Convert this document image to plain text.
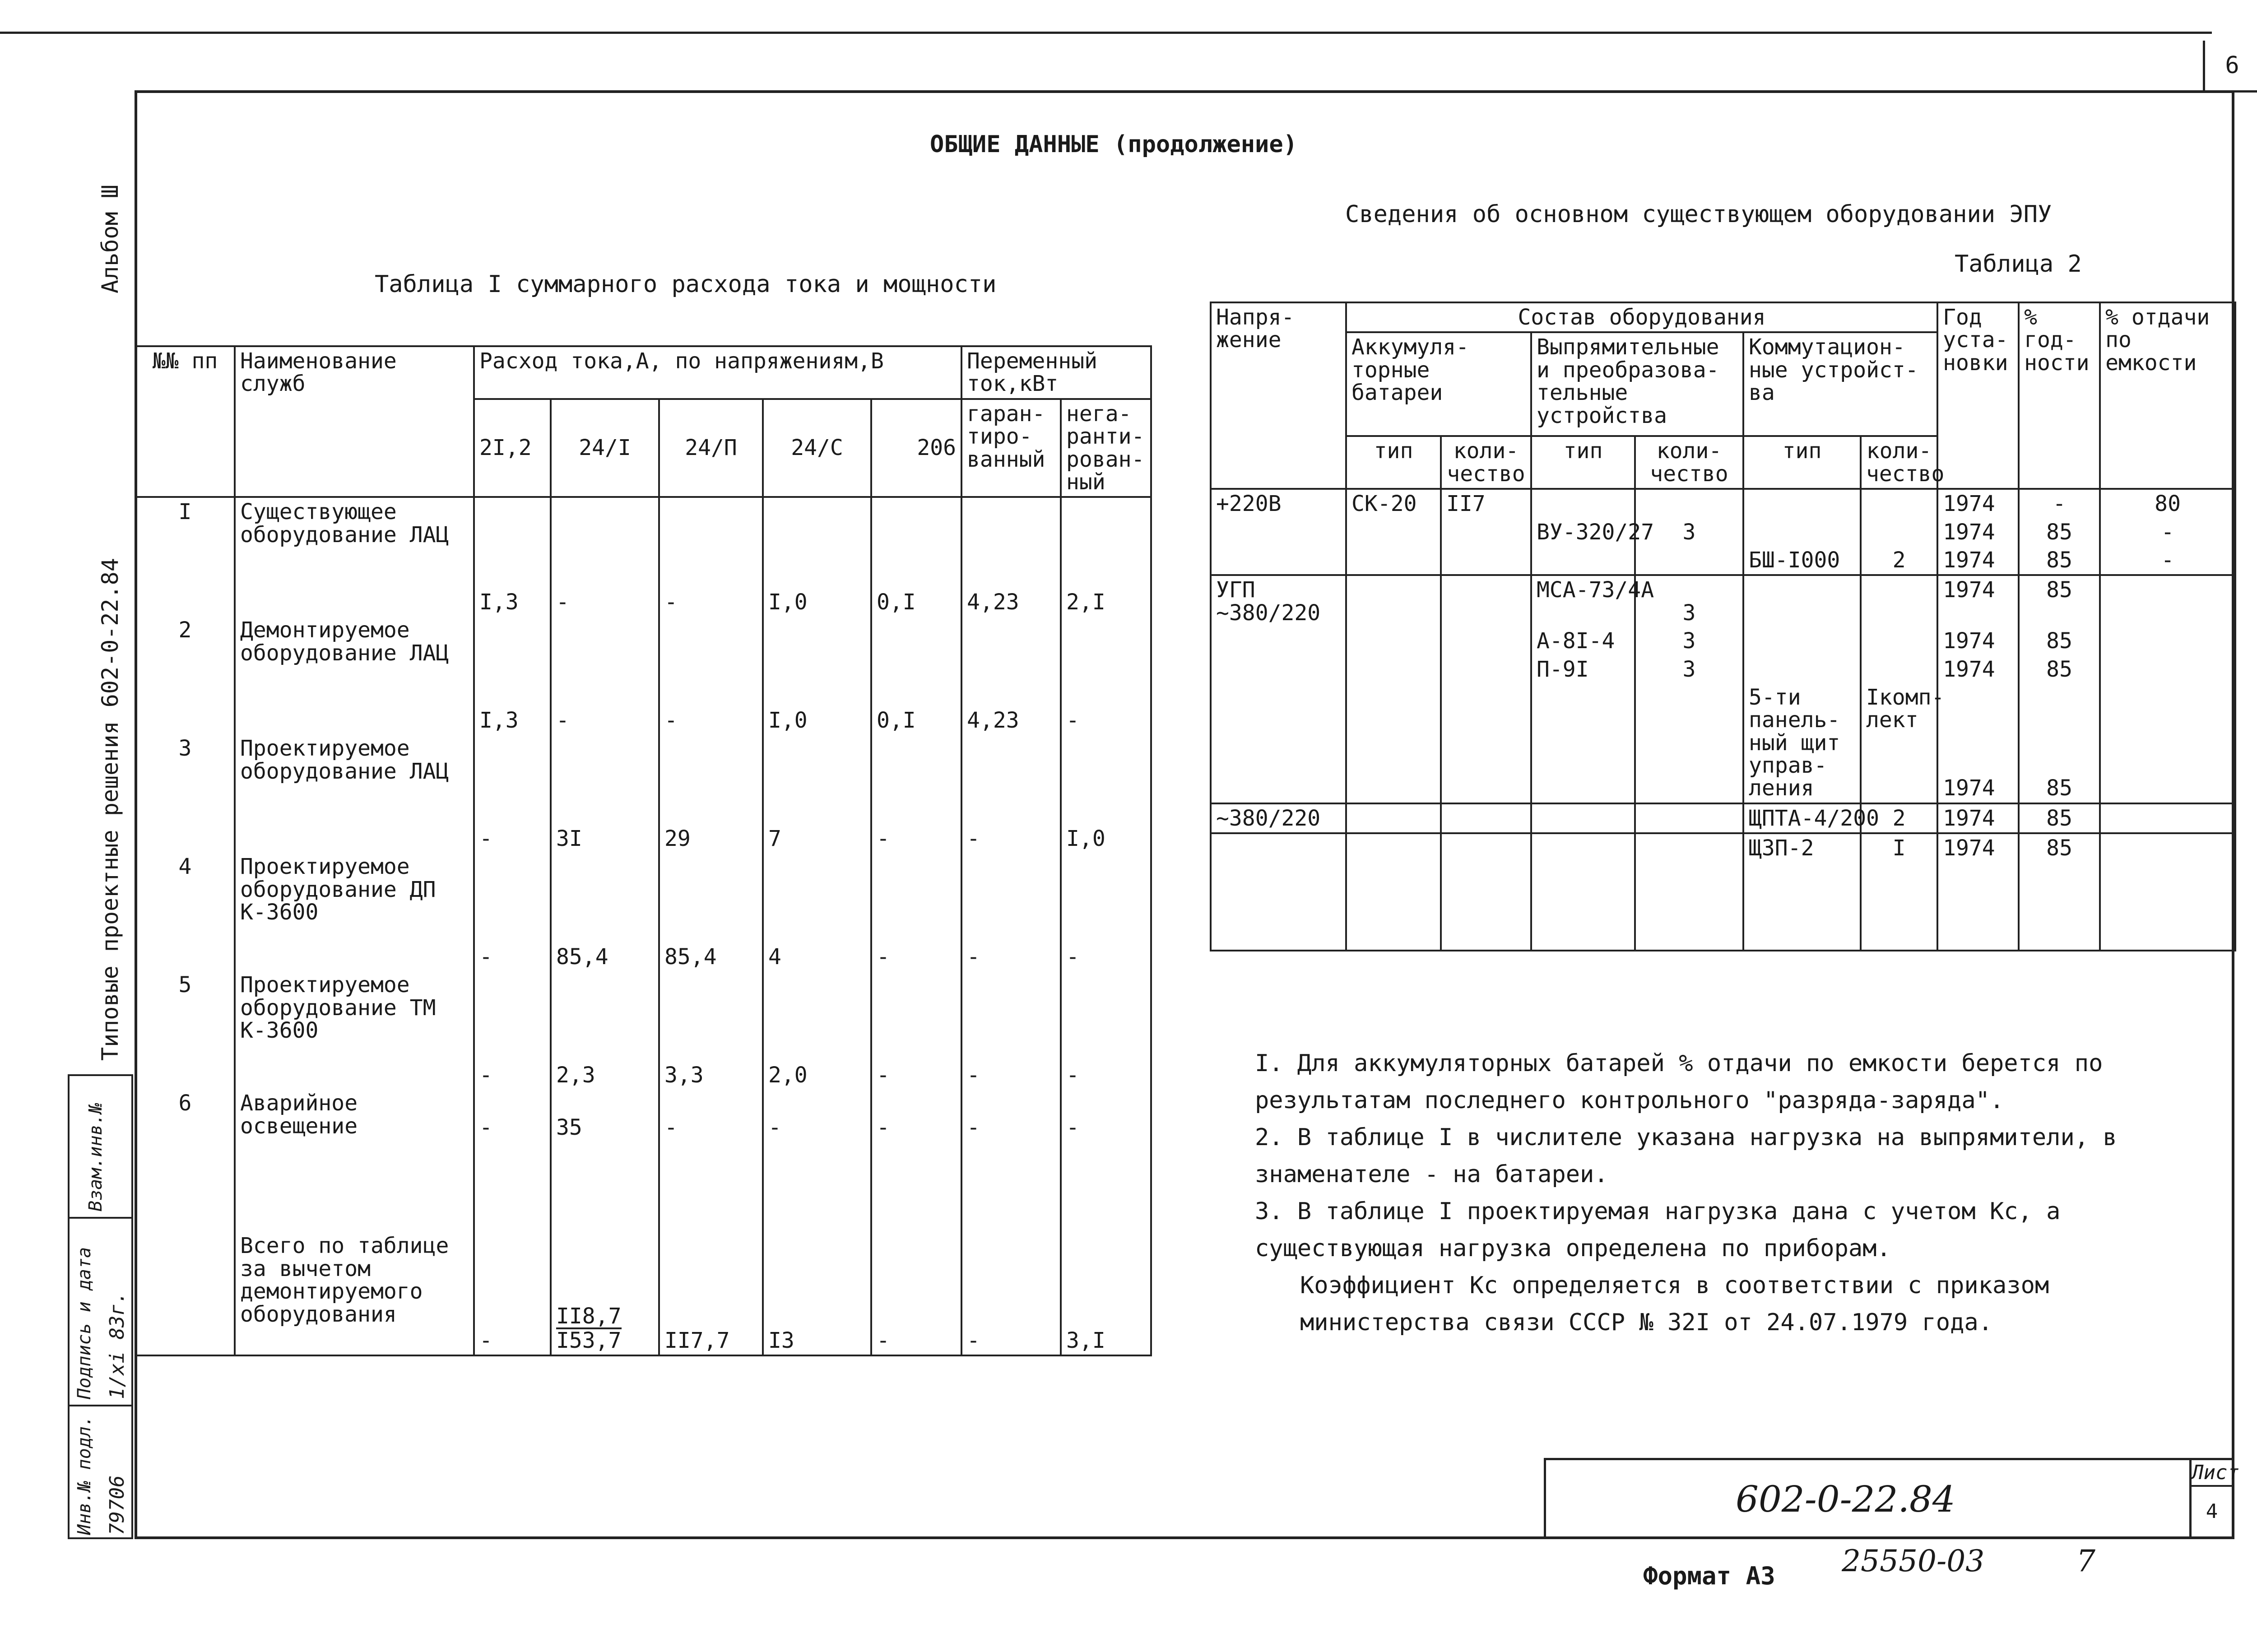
6
Альбом Ш
Типовые проектные решения 602-0-22.84
Взам.инв.№
Подпись и дата 1/xi 83г.
Инв.№ подл. 79706
ОБЩИЕ ДАННЫЕ (продолжение)
Таблица I суммарного расхода тока и мощности
Сведения об основном существующем оборудовании ЭПУ
Таблица 2
№№ пп	Наименование служб	Расход тока,А, по напряжениям,В					Переменный ток,кВт	
		2I,2	24/I	24/П	24/С	206	гаран-тиро-ванный	нега-ранти-рован-ный
I	Существующее оборудование ЛАЦ	I,3	-	-	I,0	0,I	4,23	2,I
2	Демонтируемое оборудование ЛАЦ	I,3	-	-	I,0	0,I	4,23	-
3	Проектируемое оборудование ЛАЦ	-	3I	29	7	-	-	I,0
4	Проектируемое оборудование ДП К-3600	-	85,4	85,4	4	-	-	-
5	Проектируемое оборудование ТМ К-3600	-	2,3	3,3	2,0	-	-	-
6	Аварийное освещение	-	35	-	-	-	-	-
	Всего по таблице за вычетом демонтируемого оборудования	-	$\frac{II8,7}{I53,7}$	II7,7	I3	-	-	3,I
Напря-жение	Состав оборудования						Год уста-новки	% год-ности	% отдачи по емкости
	Аккумуля-торные батареи		Выпрямительные и преобразова-тельные устройства		Коммутацион-ные устройст-ва				
	тип	коли-чество	тип	коли-чество	тип	коли-чество			
+220В	СК-20	II7					1974	-	80
			ВУ-320/27	3			1974	85	-
					БШ-I000	2	1974	85	-
УГП ~380/220			МСА-73/4А	3			1974	85	
			А-8I-4	3			1974	85	
			П-9I	3			1974	85	
					5-ти панель-ный щит управ-ления	Iкомп-лект	1974	85	
~380/220					ЩПТА-4/200	2	1974	85	
					ЩЗП-2	I	1974	85	

I. Для аккумуляторных батарей % отдачи по емкости берется по результатам последнего контрольного "разряда-заряда".

2. В таблице I в числителе указана нагрузка на выпрямители, в знаменателе - на батареи.

3. В таблице I проектируемая нагрузка дана с учетом Кс, а существующая нагрузка определена по приборам.

Коэффициент Кс определяется в соответствии с приказом министерства связи СССР № 32I от 24.07.1979 года.

602-0-22.84
Лист
4
Формат А3 25550-03	7
